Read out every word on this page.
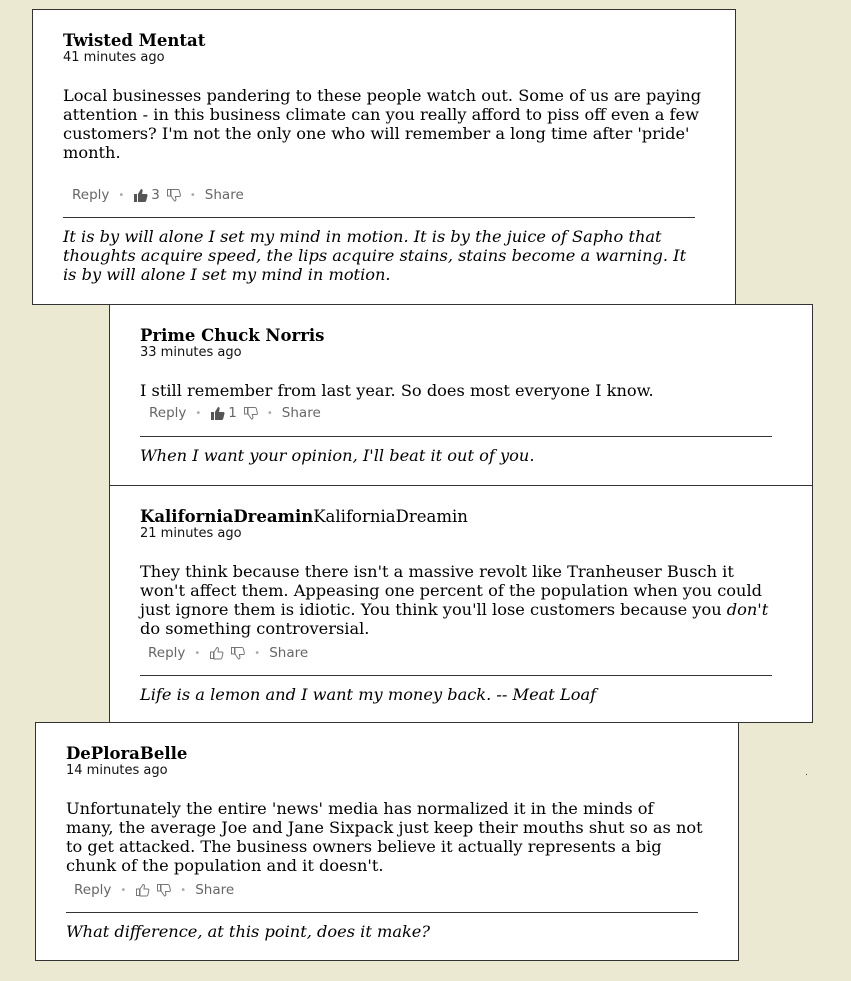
Twisted Mentat
41 minutes ago
Local businesses pandering to these people watch out. Some of us are paying attention - in this business climate can you really afford to piss off even a few customers? I'm not the only one who will remember a long time after 'pride' month.
Reply • 3	• Share
It is by will alone I set my mind in motion. It is by the juice of Sapho that thoughts acquire speed, the lips acquire stains, stains become a warning. It is by will alone I set my mind in motion.
Prime Chuck Norris
33 minutes ago
I still remember from last year. So does most everyone I know.
Reply • 1	• Share
When I want your opinion, I'll beat it out of you.
KaliforniaDreaminKaliforniaDreamin
21 minutes ago
They think because there isn't a massive revolt like Tranheuser Busch it won't affect them. Appeasing one percent of the population when you could just ignore them is idiotic. You think you'll lose customers because you don't do something controversial.
Reply •	• Share
Life is a lemon and I want my money back. -- Meat Loaf
DePloraBelle
14 minutes ago
Unfortunately the entire 'news' media has normalized it in the minds of many, the average Joe and Jane Sixpack just keep their mouths shut so as not to get attacked. The business owners believe it actually represents a big chunk of the population and it doesn't.
Reply •	• Share
What difference, at this point, does it make?
